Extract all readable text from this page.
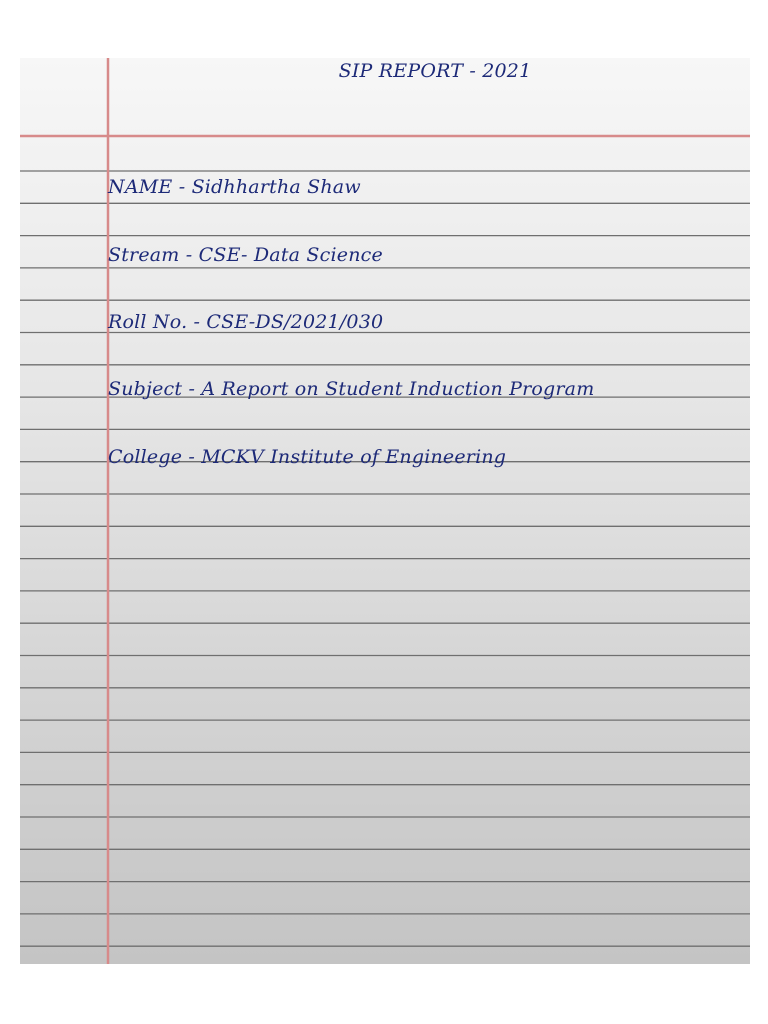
SIP REPORT - 2021
NAME - Sidhhartha Shaw
Stream - CSE- Data Science
Roll No. - CSE-DS/2021/030
Subject - A Report on Student Induction Program
College - MCKV Institute of Engineering
